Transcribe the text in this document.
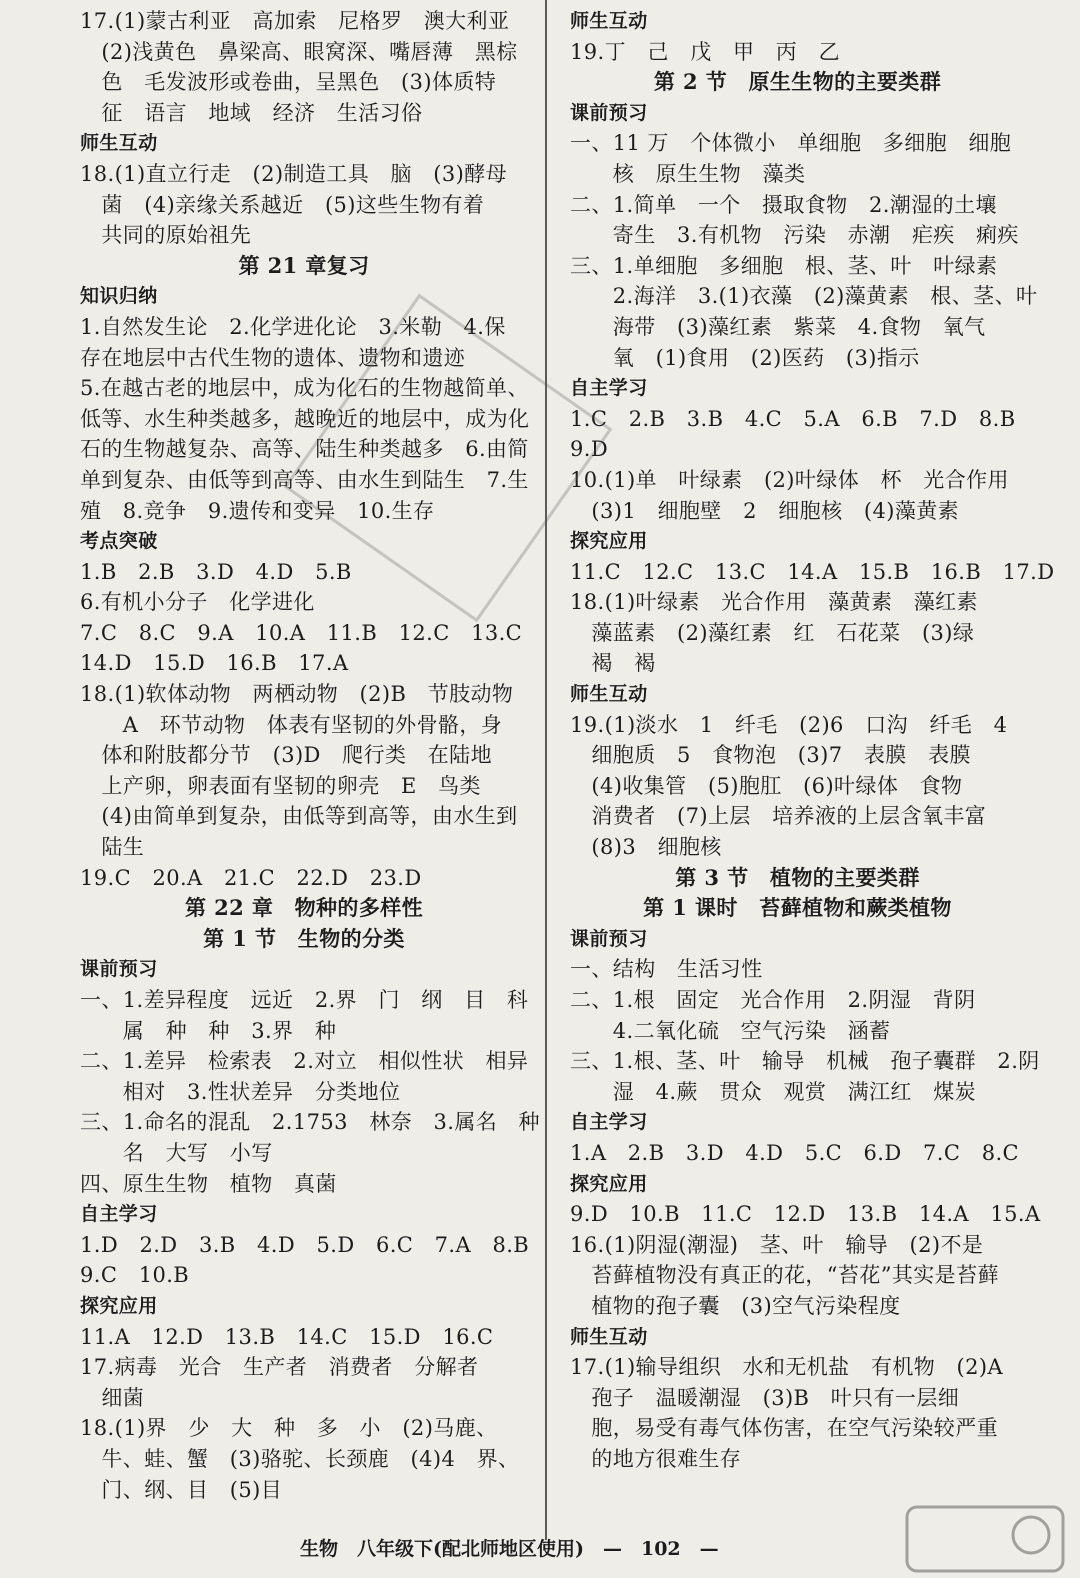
17.(1)蒙古利亚　高加索　尼格罗　澳大利亚
　(2)浅黄色　鼻梁高、眼窝深、嘴唇薄　黑棕
　色　毛发波形或卷曲，呈黑色　(3)体质特
　征　语言　地域　经济　生活习俗
师生互动
18.(1)直立行走　(2)制造工具　脑　(3)酵母
　菌　(4)亲缘关系越近　(5)这些生物有着
　共同的原始祖先
第 21 章复习
知识归纳
1.自然发生论　2.化学进化论　3.米勒　4.保
存在地层中古代生物的遗体、遗物和遗迹
5.在越古老的地层中，成为化石的生物越简单、
低等、水生种类越多，越晚近的地层中，成为化
石的生物越复杂、高等、陆生种类越多　6.由简
单到复杂、由低等到高等、由水生到陆生　7.生
殖　8.竞争　9.遗传和变异　10.生存
考点突破
1.B　2.B　3.D　4.D　5.B
6.有机小分子　化学进化
7.C　8.C　9.A　10.A　11.B　12.C　13.C
14.D　15.D　16.B　17.A
18.(1)软体动物　两栖动物　(2)B　节肢动物
　　A　环节动物　体表有坚韧的外骨骼，身
　体和附肢都分节　(3)D　爬行类　在陆地
　上产卵，卵表面有坚韧的卵壳　E　鸟类
　(4)由简单到复杂，由低等到高等，由水生到
　陆生
19.C　20.A　21.C　22.D　23.D
第 22 章　物种的多样性
第 1 节　生物的分类
课前预习
一、1.差异程度　远近　2.界　门　纲　目　科
　　属　种　种　3.界　种
二、1.差异　检索表　2.对立　相似性状　相异
　　相对　3.性状差异　分类地位
三、1.命名的混乱　2.1753　林奈　3.属名　种
　　名　大写　小写
四、原生生物　植物　真菌
自主学习
1.D　2.D　3.B　4.D　5.D　6.C　7.A　8.B
9.C　10.B
探究应用
11.A　12.D　13.B　14.C　15.D　16.C
17.病毒　光合　生产者　消费者　分解者
　细菌
18.(1)界　少　大　种　多　小　(2)马鹿、
　牛、蛙、蟹　(3)骆驼、长颈鹿　(4)4　界、
　门、纲、目　(5)目
师生互动
19.丁　己　戊　甲　丙　乙
第 2 节　原生生物的主要类群
课前预习
一、11 万　个体微小　单细胞　多细胞　细胞
　　核　原生生物　藻类
二、1.简单　一个　摄取食物　2.潮湿的土壤
　　寄生　3.有机物　污染　赤潮　疟疾　痢疾
三、1.单细胞　多细胞　根、茎、叶　叶绿素
　　2.海洋　3.(1)衣藻　(2)藻黄素　根、茎、叶
　　海带　(3)藻红素　紫菜　4.食物　氧气
　　氧　(1)食用　(2)医药　(3)指示
自主学习
1.C　2.B　3.B　4.C　5.A　6.B　7.D　8.B
9.D
10.(1)单　叶绿素　(2)叶绿体　杯　光合作用
　(3)1　细胞壁　2　细胞核　(4)藻黄素
探究应用
11.C　12.C　13.C　14.A　15.B　16.B　17.D
18.(1)叶绿素　光合作用　藻黄素　藻红素
　藻蓝素　(2)藻红素　红　石花菜　(3)绿
　褐　褐
师生互动
19.(1)淡水　1　纤毛　(2)6　口沟　纤毛　4
　细胞质　5　食物泡　(3)7　表膜　表膜
　(4)收集管　(5)胞肛　(6)叶绿体　食物
　消费者　(7)上层　培养液的上层含氧丰富
　(8)3　细胞核
第 3 节　植物的主要类群
第 1 课时　苔藓植物和蕨类植物
课前预习
一、结构　生活习性
二、1.根　固定　光合作用　2.阴湿　背阴
　　4.二氧化硫　空气污染　涵蓄
三、1.根、茎、叶　输导　机械　孢子囊群　2.阴
　　湿　4.蕨　贯众　观赏　满江红　煤炭
自主学习
1.A　2.B　3.D　4.D　5.C　6.D　7.C　8.C
探究应用
9.D　10.B　11.C　12.D　13.B　14.A　15.A
16.(1)阴湿(潮湿)　茎、叶　输导　(2)不是
　苔藓植物没有真正的花，“苔花”其实是苔藓
　植物的孢子囊　(3)空气污染程度
师生互动
17.(1)输导组织　水和无机盐　有机物　(2)A
　孢子　温暖潮湿　(3)B　叶只有一层细
　胞，易受有毒气体伤害，在空气污染较严重
　的地方很难生存
生物　八年级下(配北师地区使用)　—　102　—
